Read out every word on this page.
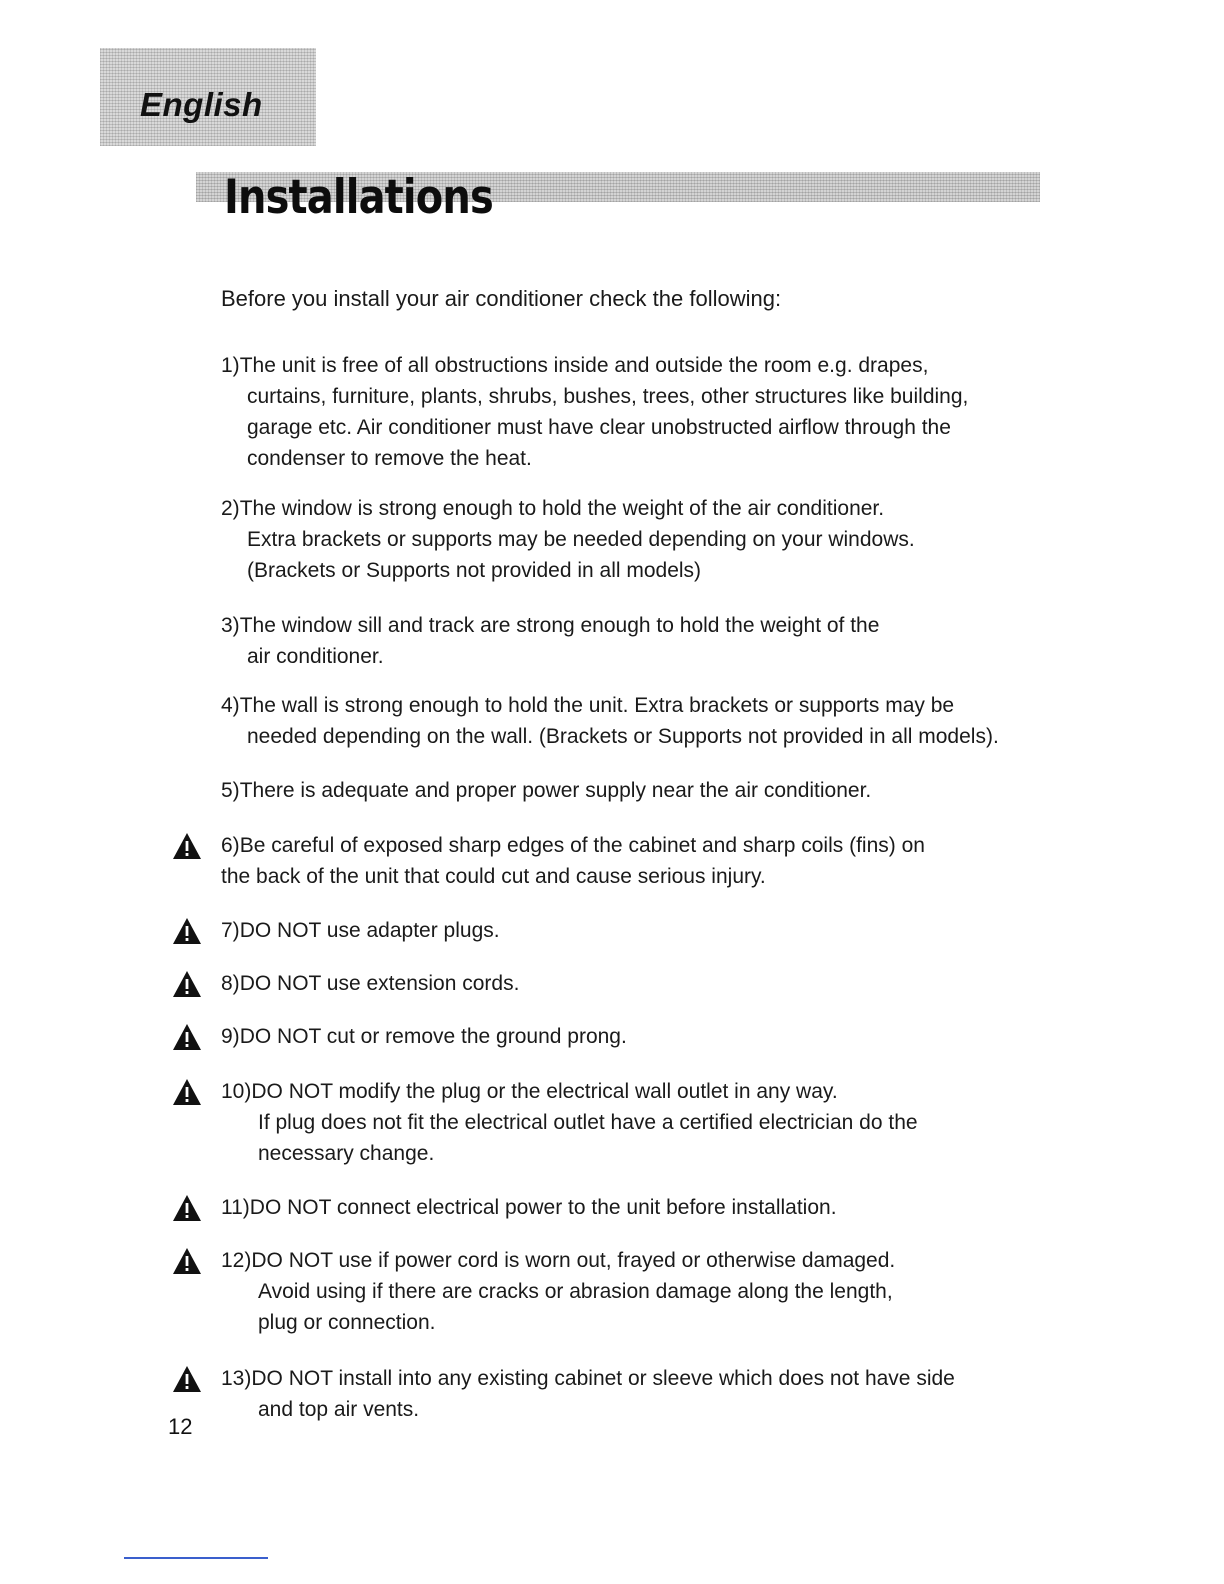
English
Installations

Before you install your air conditioner check the following:

1)The unit is free of all obstructions inside and outside the room e.g. drapes,
curtains, furniture, plants, shrubs, bushes, trees, other structures like building,
garage etc. Air conditioner must have clear unobstructed airflow through the
condenser to remove the heat.
2)The window is strong enough to hold the weight of the air conditioner.
Extra brackets or supports may be needed depending on your windows.
(Brackets or Supports not provided in all models)
3)The window sill and track are strong enough to hold the weight of the
air conditioner.
4)The wall is strong enough to hold the unit. Extra brackets or supports may be
needed depending on the wall. (Brackets or Supports not provided in all models).
5)There is adequate and proper power supply near the air conditioner.
6)Be careful of exposed sharp edges of the cabinet and sharp coils (fins) on
the back of the unit that could cut and cause serious injury.
7)DO NOT use adapter plugs.
8)DO NOT use extension cords.
9)DO NOT cut or remove the ground prong.
10)DO NOT modify the plug or the electrical wall outlet in any way.
If plug does not fit the electrical outlet have a certified electrician do the
necessary change.
11)DO NOT connect electrical power to the unit before installation.
12)DO NOT use if power cord is worn out, frayed or otherwise damaged.
Avoid using if there are cracks or abrasion damage along the length,
plug or connection.
13)DO NOT install into any existing cabinet or sleeve which does not have side
and top air vents.
12
